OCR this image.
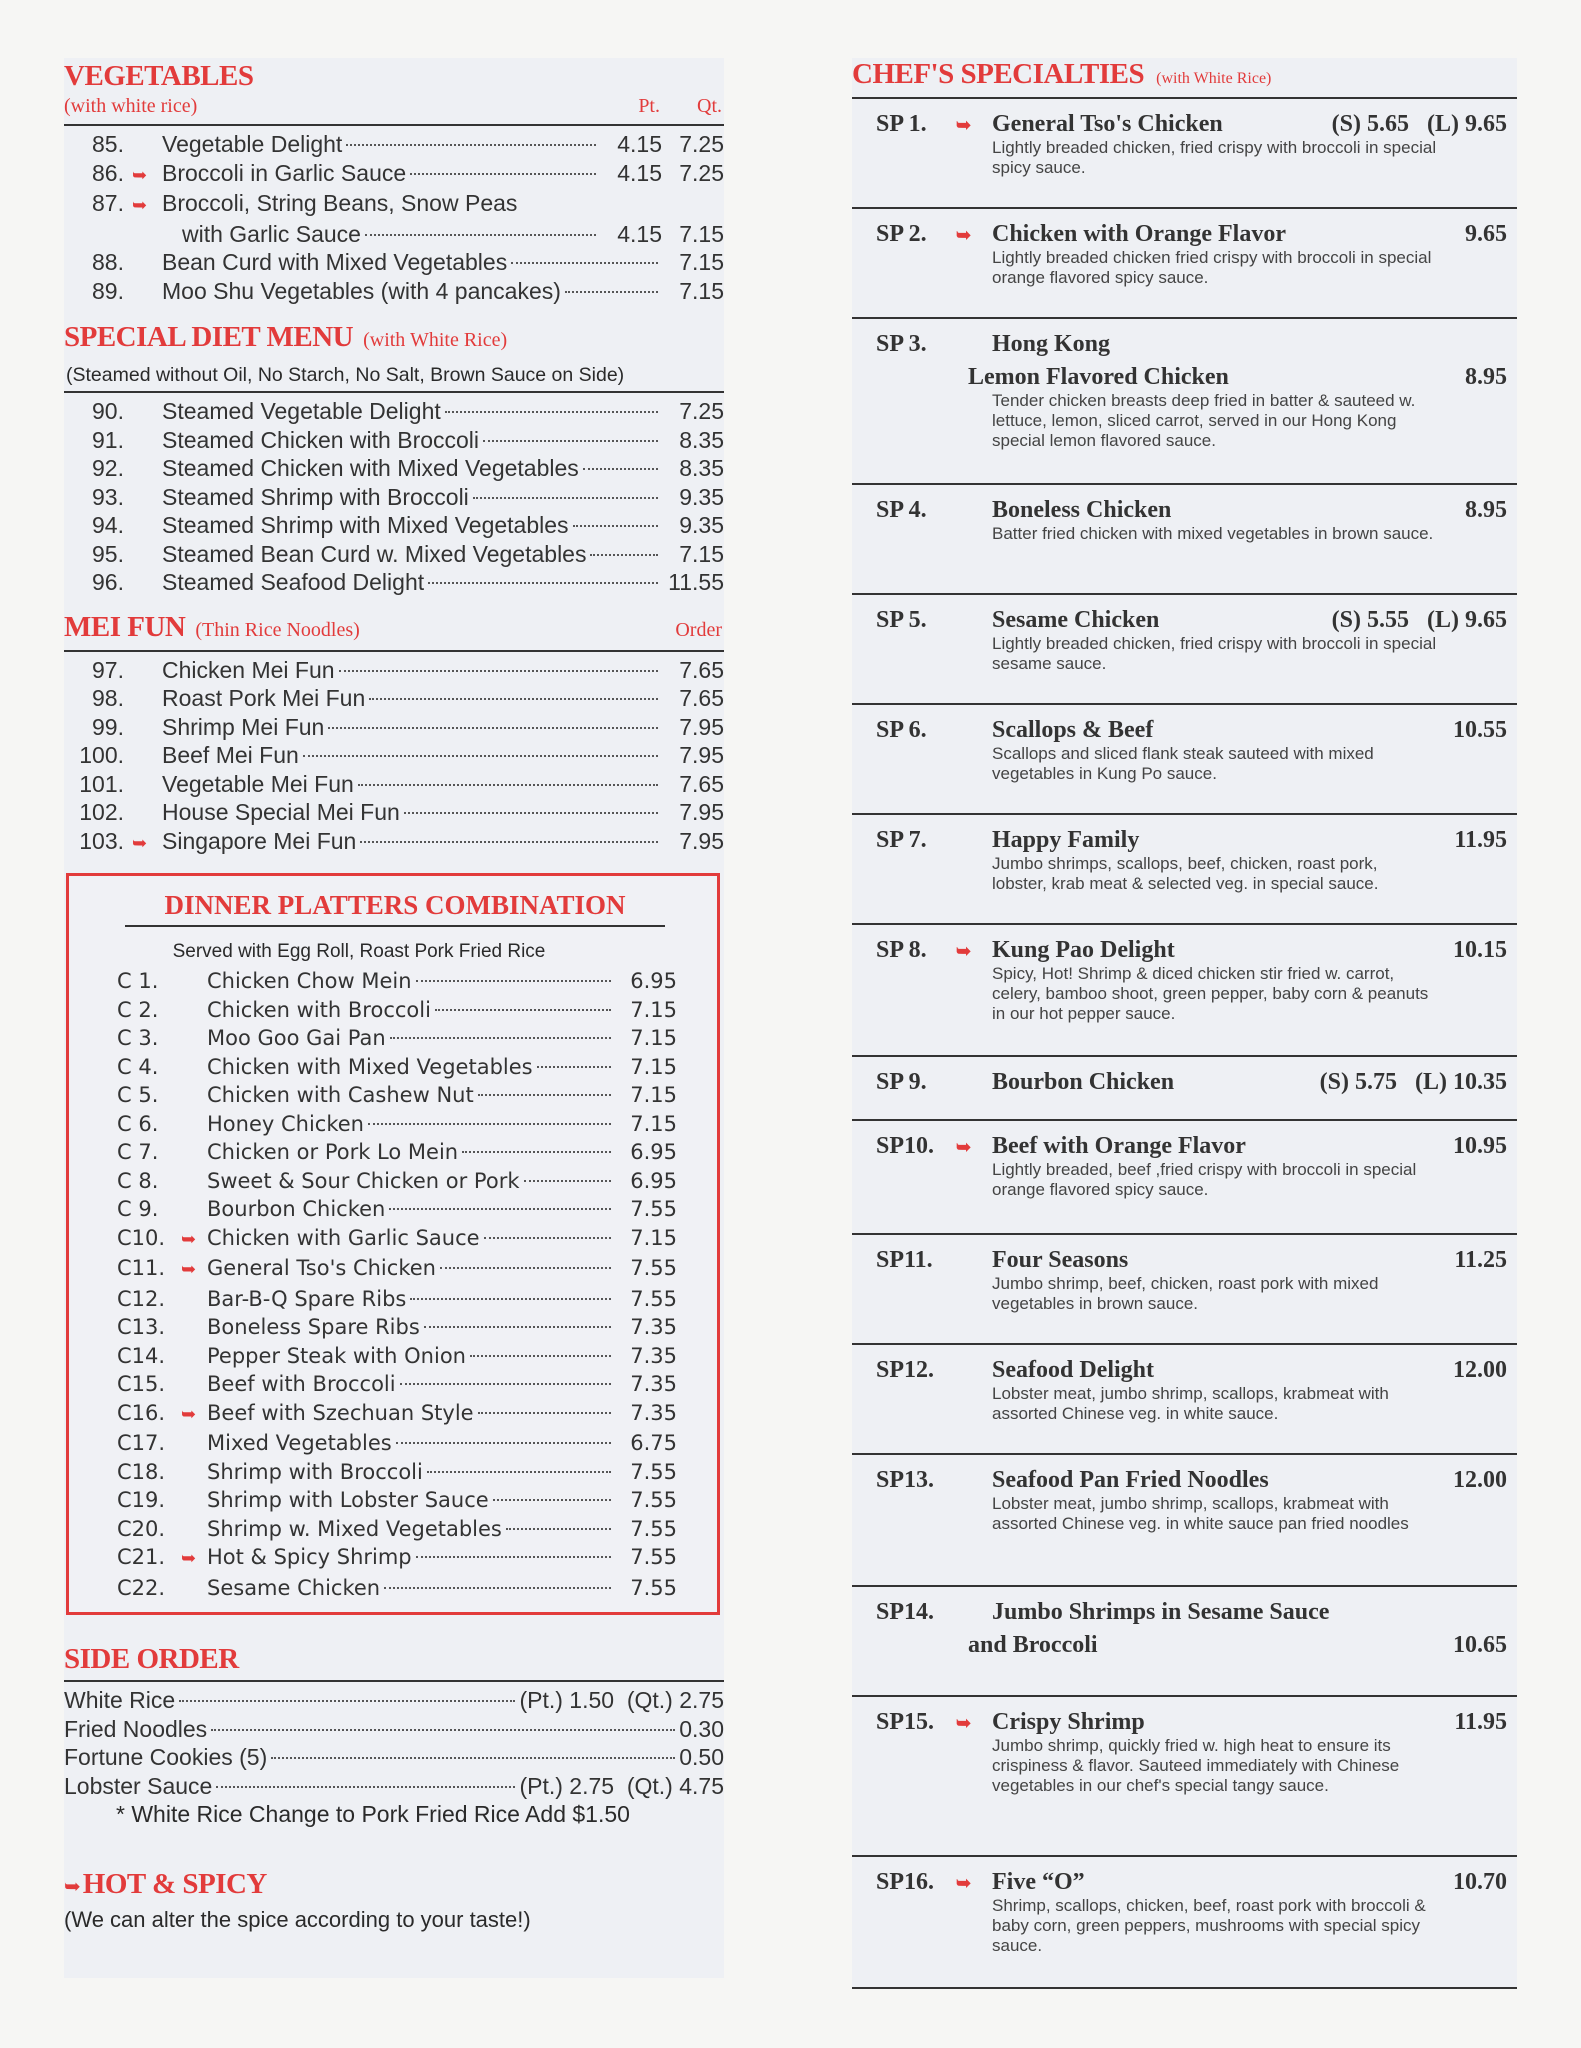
VEGETABLES
(with white rice)	Pt.	Qt.
85.	Vegetable Delight	4.15 7.25
86. ➥ Broccoli in Garlic Sauce	4.15 7.25
87. ➥ Broccoli, String Beans, Snow Peas
with Garlic Sauce	4.15 7.15
88.	Bean Curd with Mixed Vegetables	7.15
89.	Moo Shu Vegetables (with 4 pancakes)	7.15
SPECIAL DIET MENU (with White Rice)
(Steamed without Oil, No Starch, No Salt, Brown Sauce on Side)
90.	Steamed Vegetable Delight	7.25
91.	Steamed Chicken with Broccoli	8.35
92.	Steamed Chicken with Mixed Vegetables	8.35
93.	Steamed Shrimp with Broccoli	9.35
94.	Steamed Shrimp with Mixed Vegetables	9.35
95.	Steamed Bean Curd w. Mixed Vegetables	7.15
96.	Steamed Seafood Delight	11.55
MEI FUN (Thin Rice Noodles)	Order
97.	Chicken Mei Fun	7.65
98.	Roast Pork Mei Fun	7.65
99.	Shrimp Mei Fun	7.95
100.	Beef Mei Fun	7.95
101.	Vegetable Mei Fun	7.65
102.	House Special Mei Fun	7.95
103. ➥ Singapore Mei Fun	7.95
DINNER PLATTERS COMBINATION
Served with Egg Roll, Roast Pork Fried Rice
C 1.	Chicken Chow Mein	6.95
C 2.	Chicken with Broccoli	7.15
C 3.	Moo Goo Gai Pan	7.15
C 4.	Chicken with Mixed Vegetables	7.15
C 5.	Chicken with Cashew Nut	7.15
C 6.	Honey Chicken	7.15
C 7.	Chicken or Pork Lo Mein	6.95
C 8.	Sweet & Sour Chicken or Pork	6.95
C 9.	Bourbon Chicken	7.55
C10. ➥ Chicken with Garlic Sauce	7.15
C11. ➥ General Tso's Chicken	7.55
C12.	Bar-B-Q Spare Ribs	7.55
C13.	Boneless Spare Ribs	7.35
C14.	Pepper Steak with Onion	7.35
C15.	Beef with Broccoli	7.35
C16. ➥ Beef with Szechuan Style	7.35
C17.	Mixed Vegetables	6.75
C18.	Shrimp with Broccoli	7.55
C19.	Shrimp with Lobster Sauce	7.55
C20.	Shrimp w. Mixed Vegetables	7.55
C21. ➥ Hot & Spicy Shrimp	7.55
C22.	Sesame Chicken	7.55
SIDE ORDER
White Rice	(Pt.) 1.50  (Qt.) 2.75
Fried Noodles	0.30
Fortune Cookies (5)	0.50
Lobster Sauce	(Pt.) 2.75  (Qt.) 4.75
* White Rice Change to Pork Fried Rice Add $1.50
➥ HOT & SPICY
(We can alter the spice according to your taste!)
CHEF'S SPECIALTIES (with White Rice)
SP 1.	➥ General Tso's Chicken	(S) 5.65 (L) 9.65
Lightly breaded chicken, fried crispy with broccoli in special spicy sauce.
SP 2.	➥ Chicken with Orange Flavor	9.65
Lightly breaded chicken fried crispy with broccoli in special orange flavored spicy sauce.
SP 3.	Hong Kong
Lemon Flavored Chicken	8.95
Tender chicken breasts deep fried in batter & sauteed w. lettuce, lemon, sliced carrot, served in our Hong Kong special lemon flavored sauce.
SP 4.	Boneless Chicken	8.95
Batter fried chicken with mixed vegetables in brown sauce.
SP 5.	Sesame Chicken	(S) 5.55 (L) 9.65
Lightly breaded chicken, fried crispy with broccoli in special sesame sauce.
SP 6.	Scallops & Beef	10.55
Scallops and sliced flank steak sauteed with mixed vegetables in Kung Po sauce.
SP 7.	Happy Family	11.95
Jumbo shrimps, scallops, beef, chicken, roast pork, lobster, krab meat & selected veg. in special sauce.
SP 8.	➥ Kung Pao Delight	10.15
Spicy, Hot! Shrimp & diced chicken stir fried w. carrot, celery, bamboo shoot, green pepper, baby corn & peanuts in our hot pepper sauce.
SP 9.	Bourbon Chicken	(S) 5.75 (L) 10.35
SP10.	➥ Beef with Orange Flavor	10.95
Lightly breaded, beef ,fried crispy with broccoli in special orange flavored spicy sauce.
SP11.	Four Seasons	11.25
Jumbo shrimp, beef, chicken, roast pork with mixed vegetables in brown sauce.
SP12.	Seafood Delight	12.00
Lobster meat, jumbo shrimp, scallops, krabmeat with assorted Chinese veg. in white sauce.
SP13.	Seafood Pan Fried Noodles	12.00
Lobster meat, jumbo shrimp, scallops, krabmeat with assorted Chinese veg. in white sauce pan fried noodles
SP14.	Jumbo Shrimps in Sesame Sauce
and Broccoli	10.65
SP15.	➥ Crispy Shrimp	11.95
Jumbo shrimp, quickly fried w. high heat to ensure its crispiness & flavor. Sauteed immediately with Chinese vegetables in our chef's special tangy sauce.
SP16.	➥ Five “O”	10.70
Shrimp, scallops, chicken, beef, roast pork with broccoli & baby corn, green peppers, mushrooms with special spicy sauce.
